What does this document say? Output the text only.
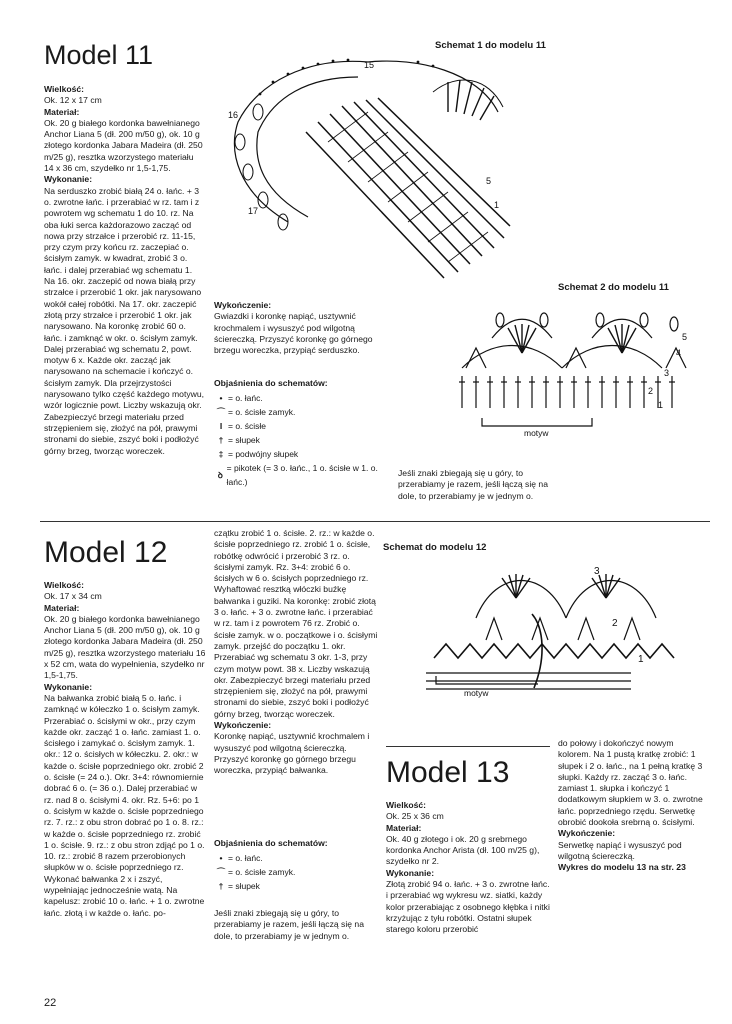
Model 11

Wielkość:

Ok. 12 x 17 cm

Materiał:

Ok. 20 g białego kordonka bawełnianego Anchor Liana 5 (dł. 200 m/50 g), ok. 10 g złotego kordonka Jabara Madeira (dł. 250 m/25 g), resztka wzorzystego materiału 14 x 36 cm, szydełko nr 1,5-1,75.

Wykonanie:

Na serduszko zrobić białą 24 o. łańc. + 3 o. zwrotne łańc. i przerabiać w rz. tam i z powrotem wg schematu 1 do 10. rz. Na oba łuki serca każdorazowo zacząć od nowa przy strzałce i przerobić rz. 11-15, przy czym przy końcu rz. zaczepiać o. ścisłym zamyk. w kwadrat, zrobić 3 o. łańc. i dalej przerabiać wg schematu 1. Na 16. okr. zaczepić od nowa białą przy strzałce i przerobić 1 okr. jak narysowano wokół całej robótki. Na 17. okr. zaczepić złotą przy strzałce i przerobić 1 okr. jak narysowano. Na koronkę zrobić 60 o. łańc. i zamknąć w okr. o. ścisłym zamyk. Dalej przerabiać wg schematu 2, powt. motyw 6 x. Każde okr. zacząć jak narysowano na schemacie i kończyć o. ścisłym zamyk. Dla przejrzystości narysowano tylko część każdego motywu, wzór logicznie powt. Liczby wskazują okr. Zabezpieczyć brzegi materiału przed strzępieniem się, złożyć na pół, prawymi stronami do siebie, zszyć boki i podłożyć górny brzeg, tworząc woreczek.

Schemat 1 do modelu 11
15
16
17
5
1
Wykończenie:
Gwiazdki i koronkę napiąć, usztywnić krochmalem i wysuszyć pod wilgotną ściereczką. Przyszyć koronkę go górnego brzegu woreczka, przypiąć serduszko.
Objaśnienia do schematów:
• = o. łańc.
⌒ = o. ścisłe zamyk.
I = o. ścisłe
† = słupek
‡ = podwójny słupek
ꝺ
= pikotek (= 3 o. łańc., 1 o. ścisłe w 1. o. łańc.)
Schemat 2 do modelu 11
5
4
3
2
1
motyw
Jeśli znaki zbiegają się u góry, to przerabiamy je razem, jeśli łączą się na dole, to przerabiamy je w jednym o.
Model 12

Wielkość:

Ok. 17 x 34 cm

Materiał:

Ok. 20 g białego kordonka bawełnianego Anchor Liana 5 (dł. 200 m/50 g), ok. 10 g złotego kordonka Jabara Madeira (dł. 250 m/25 g), resztka wzorzystego materiału 16 x 52 cm, wata do wypełnienia, szydełko nr 1,5-1,75.

Wykonanie:

Na bałwanka zrobić białą 5 o. łańc. i zamknąć w kółeczko 1 o. ścisłym zamyk. Przerabiać o. ścisłymi w okr., przy czym każde okr. zacząć 1 o. łańc. zamiast 1. o. ścisłego i zamykać o. ścisłym zamyk. 1. okr.: 12 o. ścisłych w kółeczku. 2. okr.: w każde o. ścisłe poprzedniego okr. zrobić 2 o. ścisłe (= 24 o.). Okr. 3+4: równomiernie dobrać 6 o. (= 36 o.). Dalej przerabiać w rz. nad 8 o. ścisłymi 4. okr. Rz. 5+6: po 1 o. ścisłym w każde o. ścisłe poprzedniego rz. 7. rz.: z obu stron dobrać po 1 o. 8. rz.: w każde o. ścisłe poprzedniego rz. zrobić 1 o. ścisłe. 9. rz.: z obu stron zdjąć po 1 o. 10. rz.: zrobić 8 razem przerobionych słupków w o. ścisłe poprzedniego rz. Wykonać bałwanka 2 x i zszyć, wypełniając jednocześnie watą. Na kapelusz: zrobić 10 o. łańc. + 1 o. zwrotne łańc. złotą i w każde o. łańc. po-

czątku zrobić 1 o. ścisłe. 2. rz.: w każde o. ścisłe poprzedniego rz. zrobić 1 o. ścisłe, robótkę odwrócić i przerobić 3 rz. o. ścisłymi zamyk. Rz. 3+4: zrobić 6 o. ścisłych w 6 o. ścisłych poprzedniego rz. Wyhaftować resztką włóczki buźkę bałwanka i guziki. Na koronkę: zrobić złotą 3 o. łańc. + 3 o. zwrotne łańc. i przerabiać w rz. tam i z powrotem 76 rz. Zrobić o. ścisłe zamyk. w o. początkowe i o. ścisłymi zamyk. przejść do początku 1. okr. Przerabiać wg schematu 3 okr. 1-3, przy czym motyw powt. 38 x. Liczby wskazują okr. Zabezpieczyć brzegi materiału przed strzępieniem się, złożyć na pół, prawymi stronami do siebie, zszyć boki i podłożyć górny brzeg, tworząc woreczek.

Wykończenie:

Koronkę napiąć, usztywnić krochmalem i wysuszyć pod wilgotną ściereczką. Przyszyć koronkę go górnego brzegu woreczka, przypiąć bałwanka.

Objaśnienia do schematów:
• = o. łańc.
⌒ = o. ścisłe zamyk.
† = słupek
Jeśli znaki zbiegają się u góry, to przerabiamy je razem, jeśli łączą się na dole, to przerabiamy je w jednym o.
Schemat do modelu 12
3
2
1
motyw
Model 13

Wielkość:

Ok. 25 x 36 cm

Materiał:

Ok. 40 g złotego i ok. 20 g srebrnego kordonka Anchor Arista (dł. 100 m/25 g), szydełko nr 2.

Wykonanie:

Złotą zrobić 94 o. łańc. + 3 o. zwrotne łańc. i przerabiać wg wykresu wz. siatki, każdy kolor przerabiając z osobnego kłębka i nitki krzyżując z tyłu robótki. Ostatni słupek starego koloru przerobić

do połowy i dokończyć nowym kolorem. Na 1 pustą kratkę zrobić: 1 słupek i 2 o. łańc., na 1 pełną kratkę 3 słupki. Każdy rz. zacząć 3 o. łańc. zamiast 1. słupka i kończyć 1 dodatkowym słupkiem w 3. o. zwrotne łańc. poprzedniego rzędu. Serwetkę obrobić dookoła srebrną o. ścisłymi.

Wykończenie:

Serwetkę napiąć i wysuszyć pod wilgotną ściereczką.

Wykres do modelu 13 na str. 23

22
